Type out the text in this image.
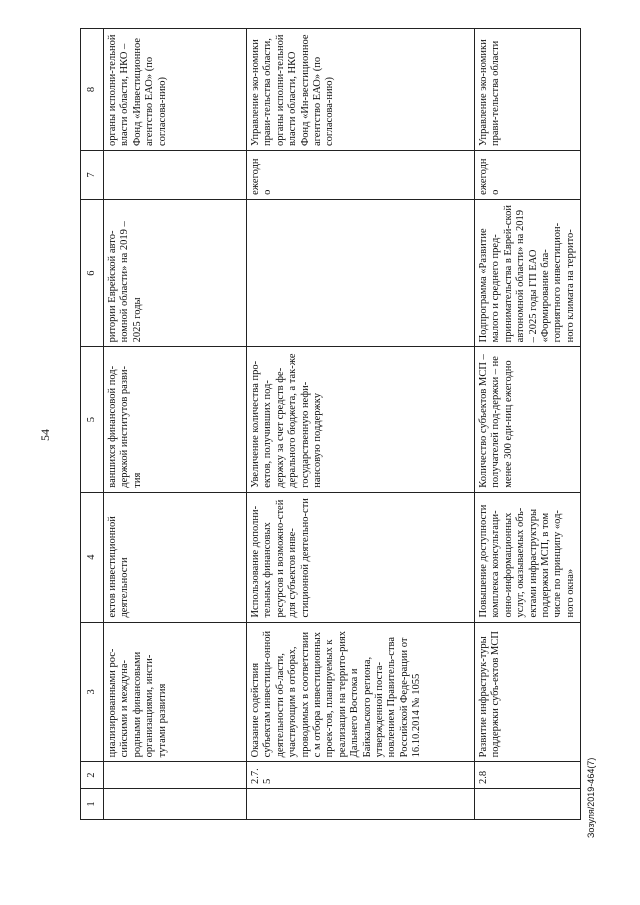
54
1	2	3	4	5	6	7	8
		циализированными рос-сийскими и междуна-родными финансовыми организациями, инсти-тутами развития	ектов инвестиционной деятельности	ваншихся финансовой под-держкой институтов разви-тия	ритории Еврейской авто-номной области» на 2019 – 2025 годы		органы исполни-тельной власти области, НКО – Фонд «Инвестиционное агентство ЕАО» (по согласова-нию)
	2.7.5	Оказание содействия субъектам инвестици-онной деятельности об-ласти, участвующим в отборах, проводимых в соответствии с м отбора инвестиционных проек-тов, планируемых к реализации на террито-риях Дальнего Востока и Байкальского региона, утвержденной поста-новлением Правитель-ства Российской Феде-рации от 16.10.2014 № 1055	Использование дополни-тельных финансовых ресурсов и возможно-стей для субъектов инве-стиционной деятельно-сти	Увеличение количества про-ектов, получивших под-держку за счет средств фе-дерального бюджета, а так-же государственную нефи-нансовую поддержку		ежегодно	Управление эко-номики прави-тельства области, органы исполни-тельной власти области, НКО Фонд «Ин-вестиционное агентство ЕАО» (по согласова-нию)
	2.8	Развитие инфраструк-туры поддержки субъ-ектов МСП	Повышение доступности комплекса консультаци-онно-информационных услуг, оказываемых объ-ектами инфраструктуры поддержки МСП, в том числе по принципу «од-ного окна»	Количество субъектов МСП – получателей под-держки – не менее 300 еди-ниц ежегодно	Подпрограмма «Развитие малого и среднего пред-принимательства в Еврей-ской автономной области» на 2019 – 2025 годы ГП ЕАО «Формирование бла-гоприятного инвестицион-ного климата на террито-	ежегодно	Управление эко-номики прави-тельства области
Зозуля/2019-464(7)
